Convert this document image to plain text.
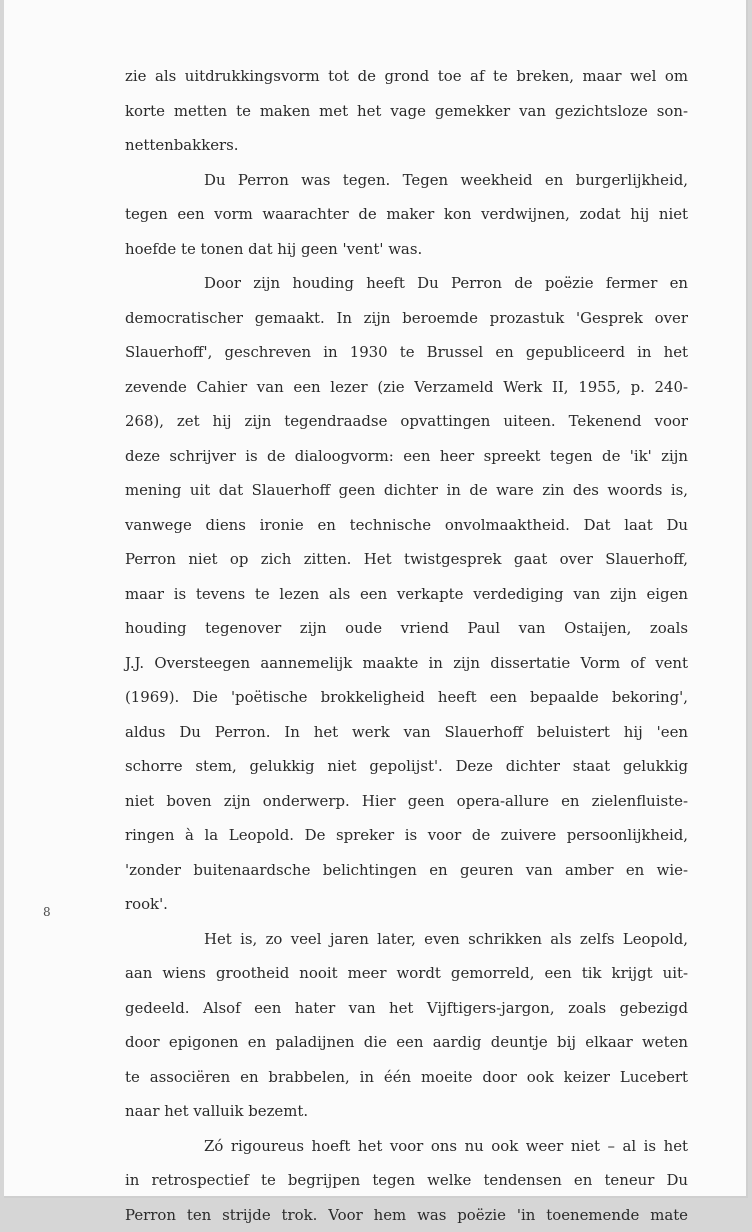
zie als uitdrukkingsvorm tot de grond toe af te breken, maar wel om
korte metten te maken met het vage gemekker van gezichtsloze son-
nettenbakkers.
Du Perron was tegen. Tegen weekheid en burgerlijkheid,
tegen een vorm waarachter de maker kon verdwijnen, zodat hij niet
hoefde te tonen dat hij geen 'vent' was.
Door zijn houding heeft Du Perron de poëzie fermer en
democratischer gemaakt. In zijn beroemde prozastuk 'Gesprek over
Slauerhoff', geschreven in 1930 te Brussel en gepubliceerd in het
zevende Cahier van een lezer (zie Verzameld Werk II, 1955, p. 240-
268), zet hij zijn tegendraadse opvattingen uiteen. Tekenend voor
deze schrijver is de dialoogvorm: een heer spreekt tegen de 'ik' zijn
mening uit dat Slauerhoff geen dichter in de ware zin des woords is,
vanwege diens ironie en technische onvolmaaktheid. Dat laat Du
Perron niet op zich zitten. Het twistgesprek gaat over Slauerhoff,
maar is tevens te lezen als een verkapte verdediging van zijn eigen
houding tegenover zijn oude vriend Paul van Ostaijen, zoals
J.J. Oversteegen aannemelijk maakte in zijn dissertatie Vorm of vent
(1969). Die 'poëtische brokkeligheid heeft een bepaalde bekoring',
aldus Du Perron. In het werk van Slauerhoff beluistert hij 'een
schorre stem, gelukkig niet gepolijst'. Deze dichter staat gelukkig
niet boven zijn onderwerp. Hier geen opera-allure en zielenfluiste-
ringen à la Leopold. De spreker is voor de zuivere persoonlijkheid,
'zonder buitenaardsche belichtingen en geuren van amber en wie-
rook'.
Het is, zo veel jaren later, even schrikken als zelfs Leopold,
aan wiens grootheid nooit meer wordt gemorreld, een tik krijgt uit-
gedeeld. Alsof een hater van het Vijftigers-jargon, zoals gebezigd
door epigonen en paladijnen die een aardig deuntje bij elkaar weten
te associëren en brabbelen, in één moeite door ook keizer Lucebert
naar het valluik bezemt.
Zó rigoureus hoeft het voor ons nu ook weer niet – al is het
in retrospectief te begrijpen tegen welke tendensen en teneur Du
Perron ten strijde trok. Voor hem was poëzie 'in toenemende mate
8
